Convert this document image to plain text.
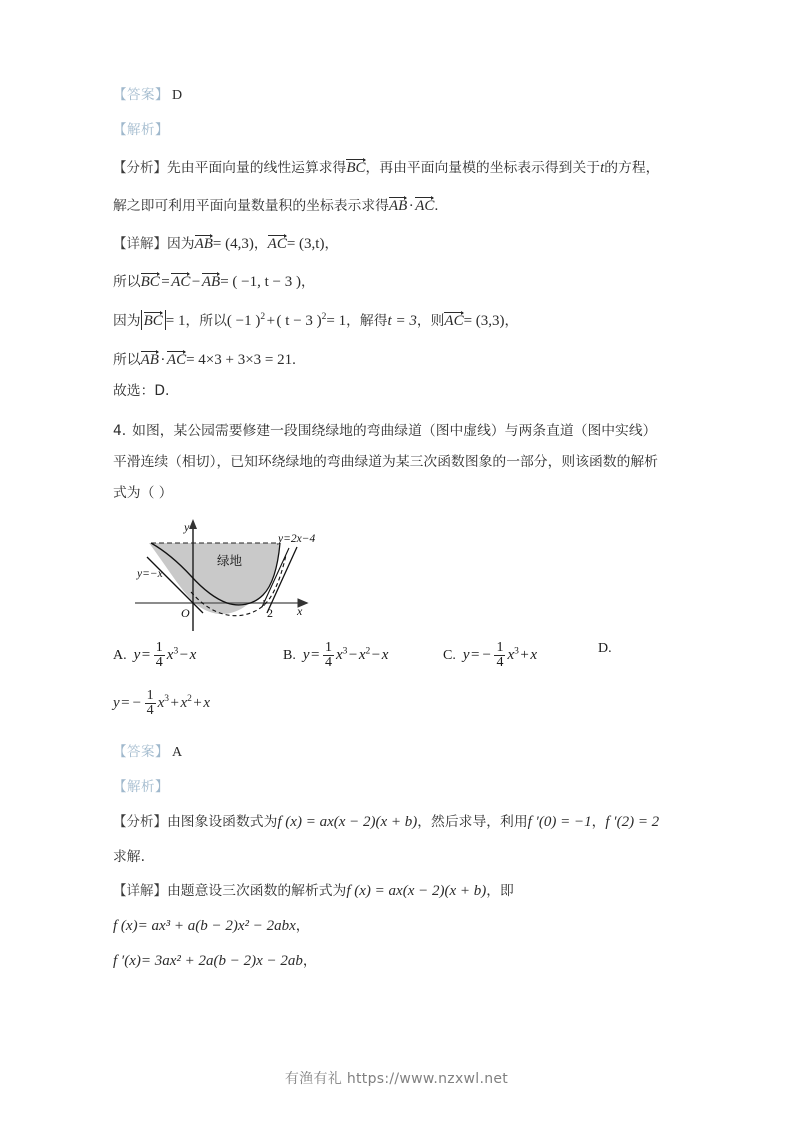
【答案】 D
【解析】
【分析】先由平面向量的线性运算求得BC，再由平面向量模的坐标表示得到关于t的方程，
解之即可利用平面向量数量积的坐标表示求得AB · AC.
【详解】因为AB= (4,3)，AC= (3,t)，
所以BC = AC − AB= ( −1, t − 3 )，
因为 BC = 1，所以( −1 )$^2$ + ( t − 3 )$^2$= 1，解得t = 3，则AC= (3,3)，
所以AB · AC= 4×3 + 3×3 = 21.
故选：D.
4. 如图，某公园需要修建一段围绕绿地的弯曲绿道（图中虚线）与两条直道（图中实线）
平滑连续（相切），已知环绕绿地的弯曲绿道为某三次函数图象的一部分，则该函数的解析
式为（ ）
y
x
O	2
绿地
y=−x
y=2x−4
A. $y = \frac{1}{4} x^3 - x$	B. $y = \frac{1}{4} x^3 - x^2 - x$	C. y = − $\frac{1}{4} x^3 + x$	D.
y = − $\frac{1}{4} x^3 + x^2 + x$
【答案】 A
【解析】
【分析】由图象设函数式为f (x) = ax(x − 2)(x + b)，然后求导，利用f ′(0) = −1，f ′(2) = 2
求解.
【详解】由题意设三次函数的解析式为f (x) = ax(x − 2)(x + b)，即
f (x)= ax³ + a(b − 2)x² − 2abx，
f ′(x)= 3ax² + 2a(b − 2)x − 2ab，
有渔有礼 https://www.nzxwl.net
